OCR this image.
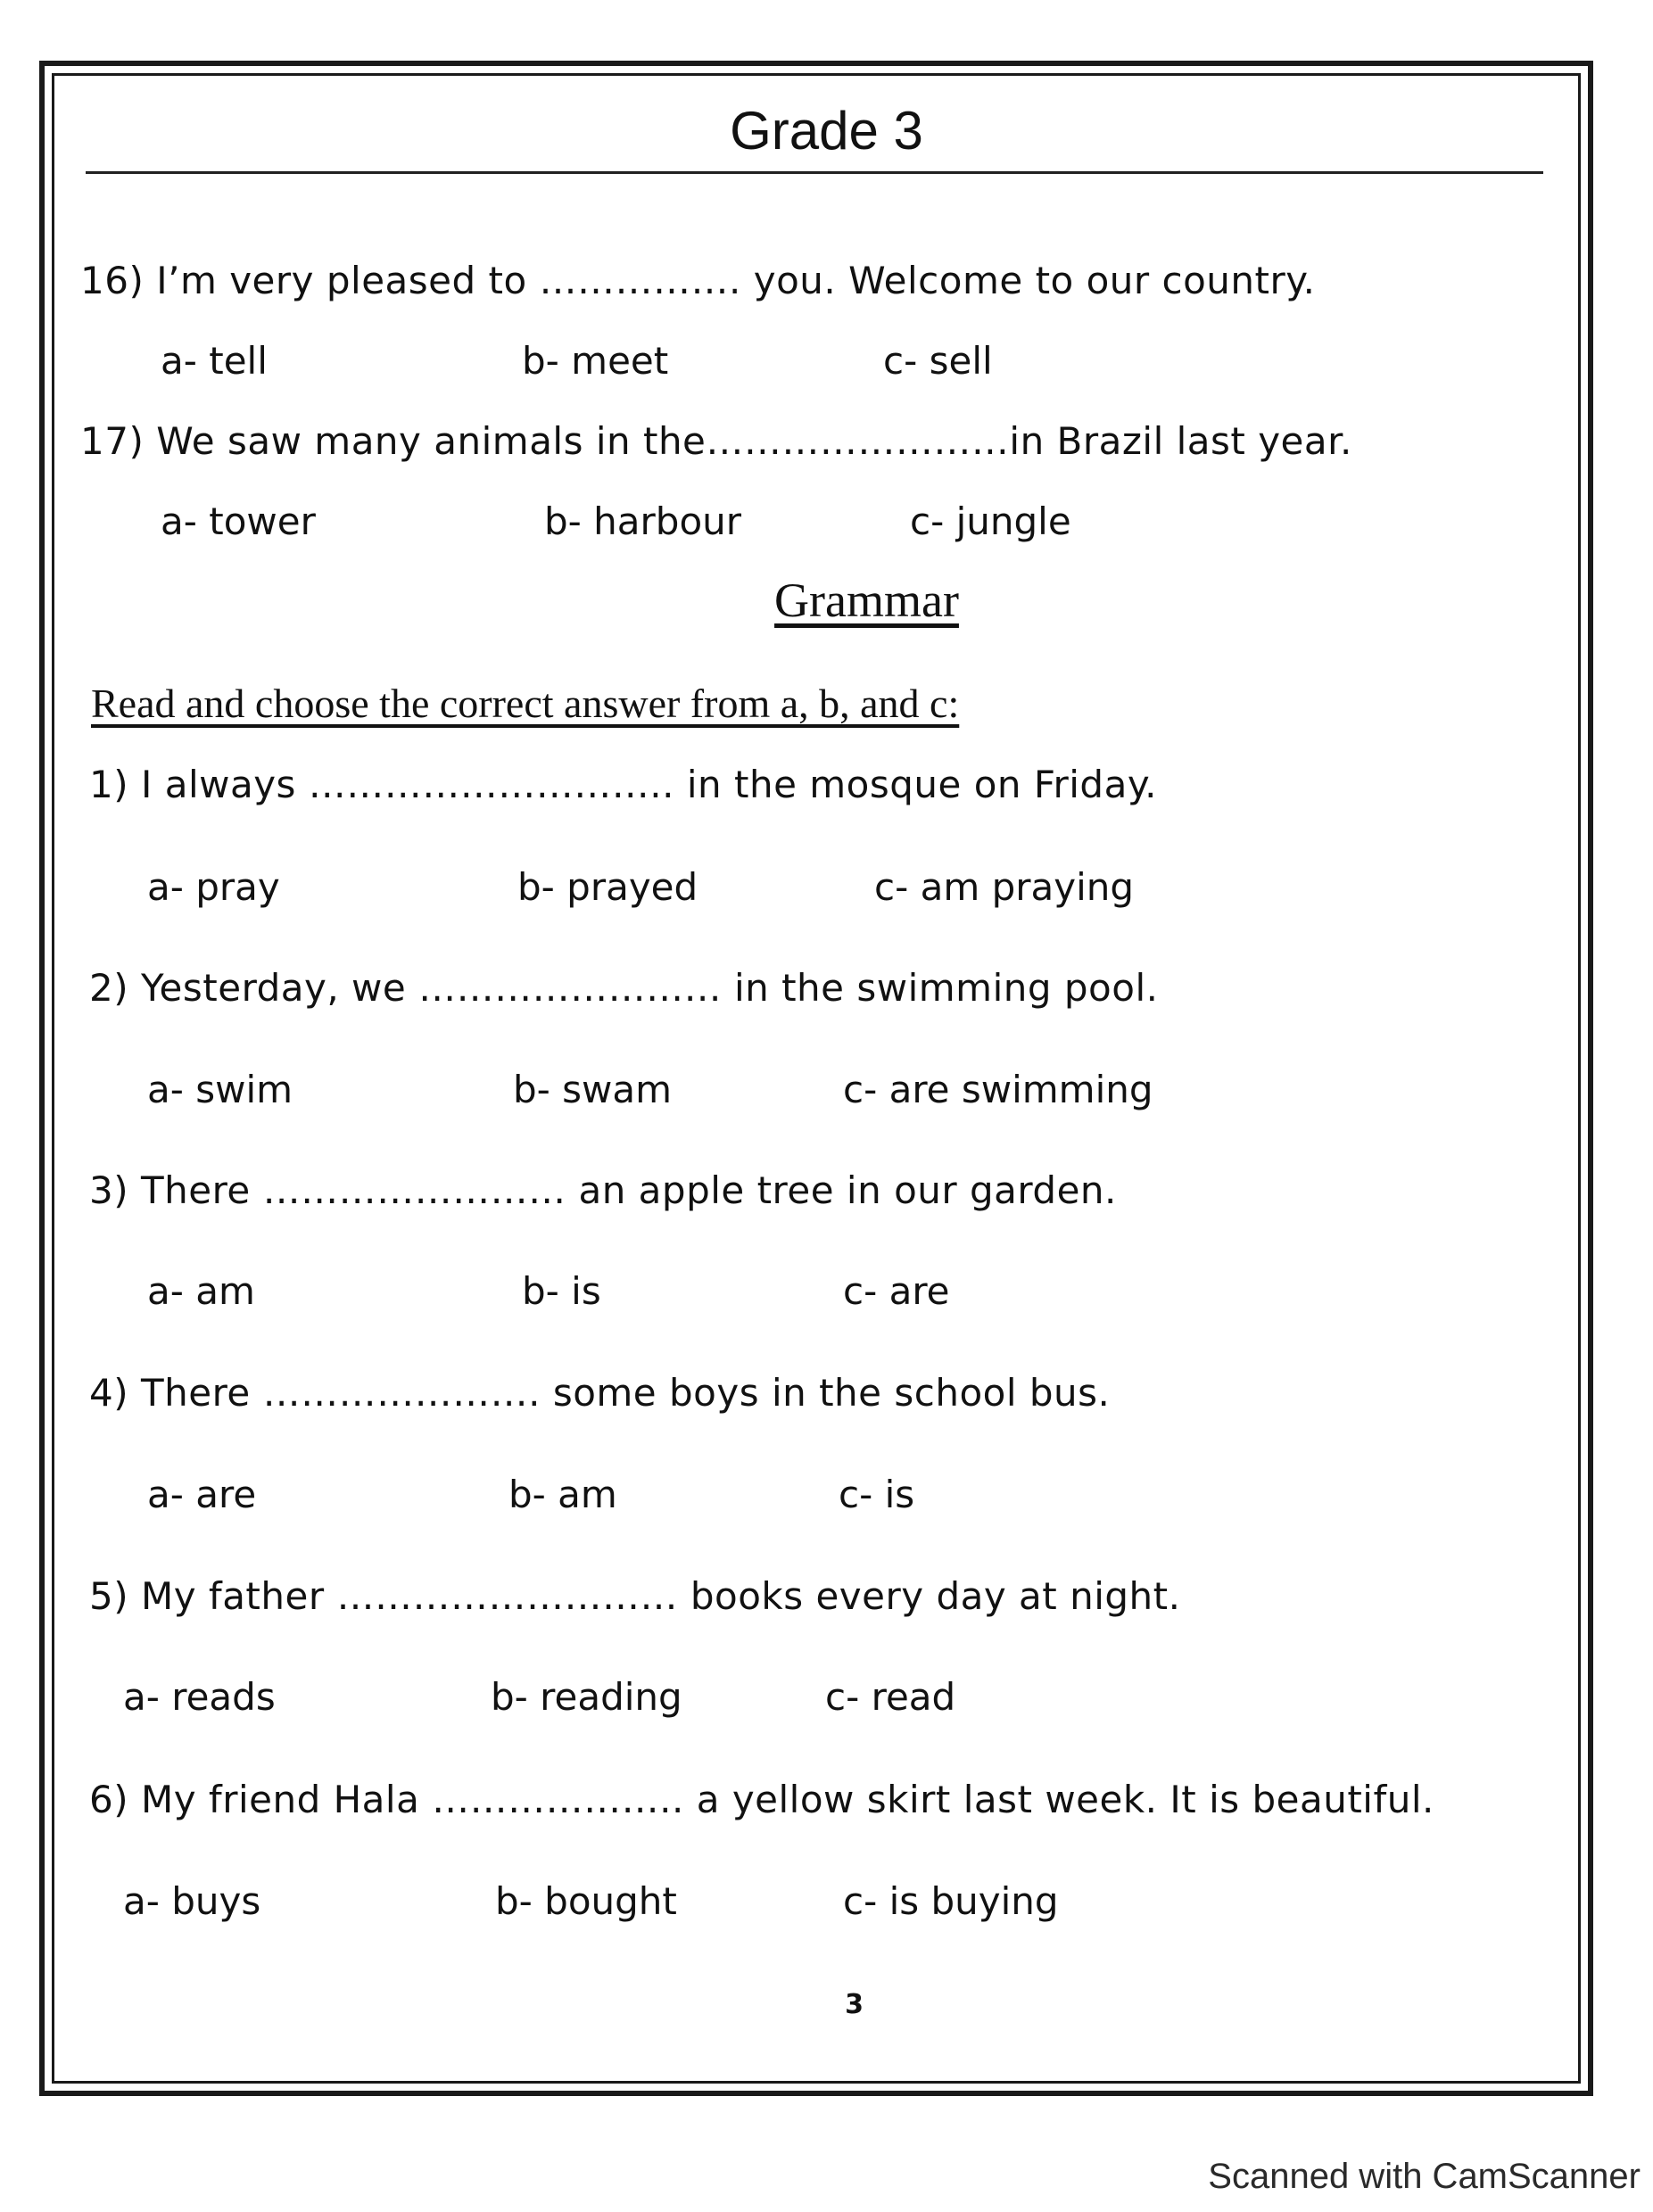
Grade 3
16) I’m very pleased to ……………. you. Welcome to our country.
a- tell	b- meet	c- sell
17) We saw many animals in the……………………in Brazil last year.
a- tower	b- harbour	c- jungle
Grammar
Read and choose the correct answer from a, b, and c:
1) I always ……………………….. in the mosque on Friday.
a- pray	b- prayed	c- am praying
2) Yesterday, we …………………… in the swimming pool.
a- swim	b- swam	c- are swimming
3) There …………………… an apple tree in our garden.
a- am	b- is	c- are
4) There …………………. some boys in the school bus.
a- are	b- am	c- is
5) My father ……………………… books every day at night.
a- reads	b- reading	c- read
6) My friend Hala ……………….. a yellow skirt last week. It is beautiful.
a- buys	b- bought	c- is buying
3
Scanned with CamScanner
